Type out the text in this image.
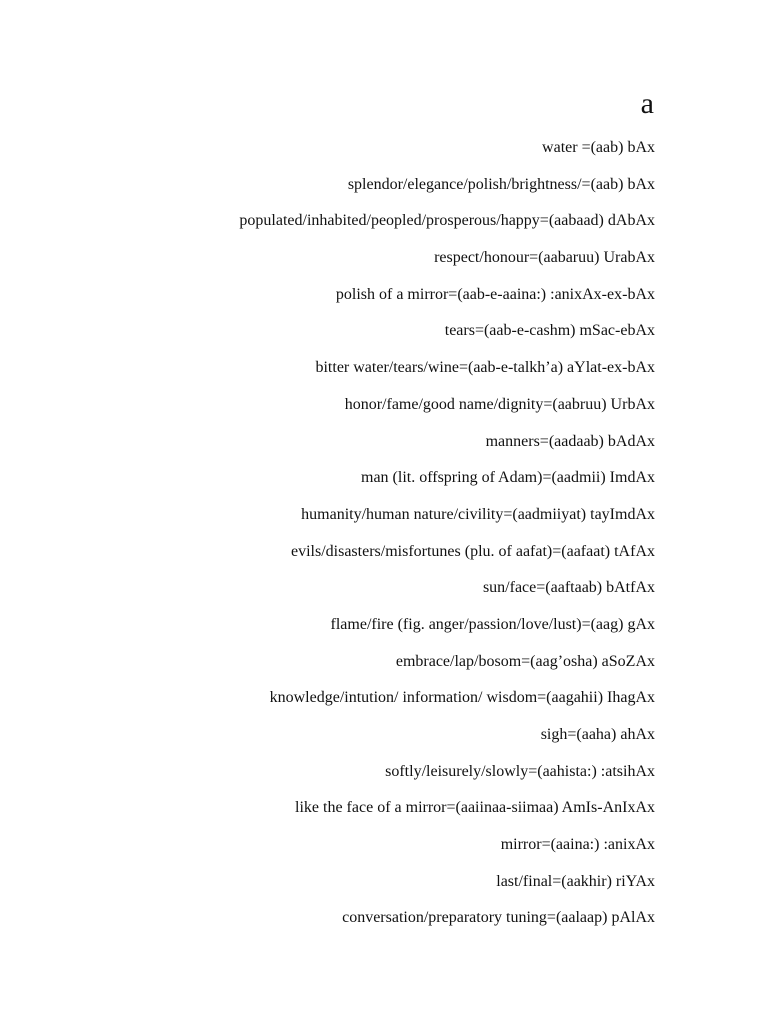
a
water =(aab) bAx
splendor/elegance/polish/brightness/=(aab) bAx
populated/inhabited/peopled/prosperous/happy=(aabaad) dAbAx
respect/honour=(aabaruu) UrabAx
polish of a mirror=(aab-e-aaina:) :anixAx-ex-bAx
tears=(aab-e-cashm) mSac-ebAx
bitter water/tears/wine=(aab-e-talkh’a) aYlat-ex-bAx
honor/fame/good name/dignity=(aabruu) UrbAx
manners=(aadaab) bAdAx
man (lit. offspring of Adam)=(aadmii) ImdAx
humanity/human nature/civility=(aadmiiyat) tayImdAx
evils/disasters/misfortunes (plu. of aafat)=(aafaat) tAfAx
sun/face=(aaftaab) bAtfAx
flame/fire (fig. anger/passion/love/lust)=(aag) gAx
embrace/lap/bosom=(aag’osha) aSoZAx
knowledge/intution/ information/ wisdom=(aagahii) IhagAx
sigh=(aaha) ahAx
softly/leisurely/slowly=(aahista:) :atsihAx
like the face of a mirror=(aaiinaa-siimaa) AmIs-AnIxAx
mirror=(aaina:) :anixAx
last/final=(aakhir) riYAx
conversation/preparatory tuning=(aalaap) pAlAx
